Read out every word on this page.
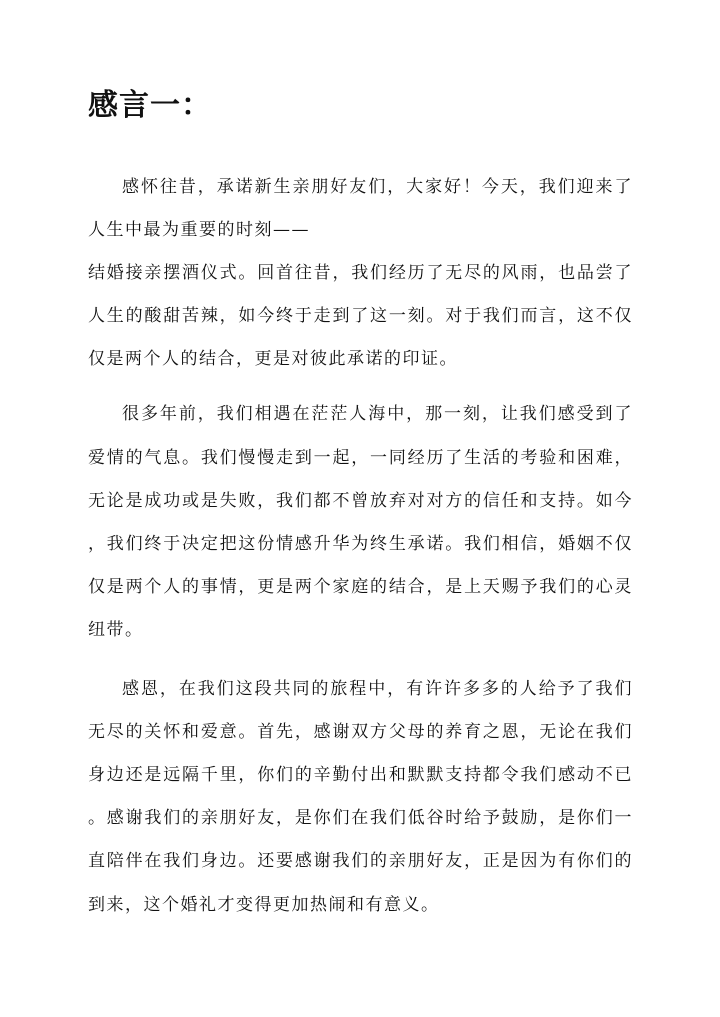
感言一：

感怀往昔，承诺新生亲朋好友们，大家好！今天，我们迎来了

人生中最为重要的时刻——

结婚接亲摆酒仪式。回首往昔，我们经历了无尽的风雨，也品尝了

人生的酸甜苦辣，如今终于走到了这一刻。对于我们而言，这不仅

仅是两个人的结合，更是对彼此承诺的印证。

很多年前，我们相遇在茫茫人海中，那一刻，让我们感受到了

爱情的气息。我们慢慢走到一起，一同经历了生活的考验和困难，

无论是成功或是失败，我们都不曾放弃对对方的信任和支持。如今

，我们终于决定把这份情感升华为终生承诺。我们相信，婚姻不仅

仅是两个人的事情，更是两个家庭的结合，是上天赐予我们的心灵

纽带。

感恩，在我们这段共同的旅程中，有许许多多的人给予了我们

无尽的关怀和爱意。首先，感谢双方父母的养育之恩，无论在我们

身边还是远隔千里，你们的辛勤付出和默默支持都令我们感动不已

。感谢我们的亲朋好友，是你们在我们低谷时给予鼓励，是你们一

直陪伴在我们身边。还要感谢我们的亲朋好友，正是因为有你们的

到来，这个婚礼才变得更加热闹和有意义。
